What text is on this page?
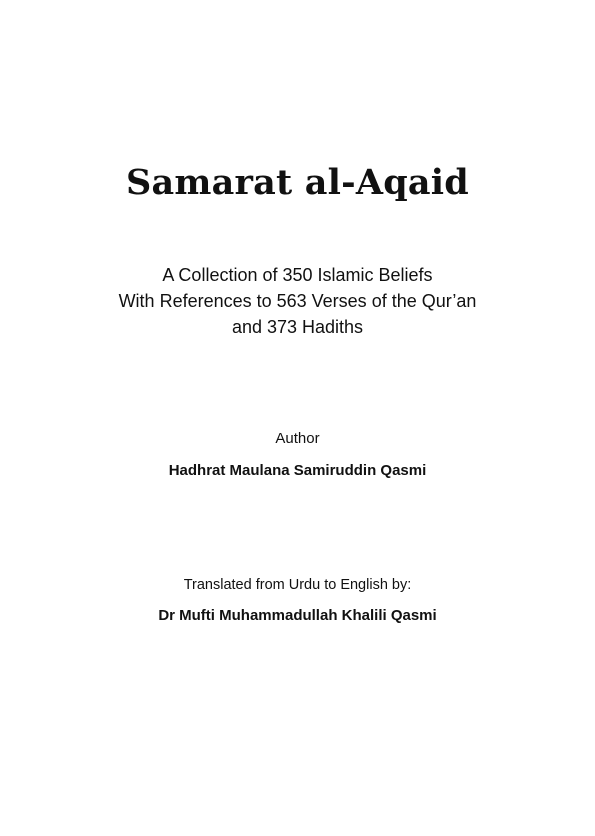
Samarat al-Aqaid
A Collection of 350 Islamic Beliefs
With References to 563 Verses of the Qur’an
and 373 Hadiths
Author
Hadhrat Maulana Samiruddin Qasmi
Translated from Urdu to English by:
Dr Mufti Muhammadullah Khalili Qasmi
